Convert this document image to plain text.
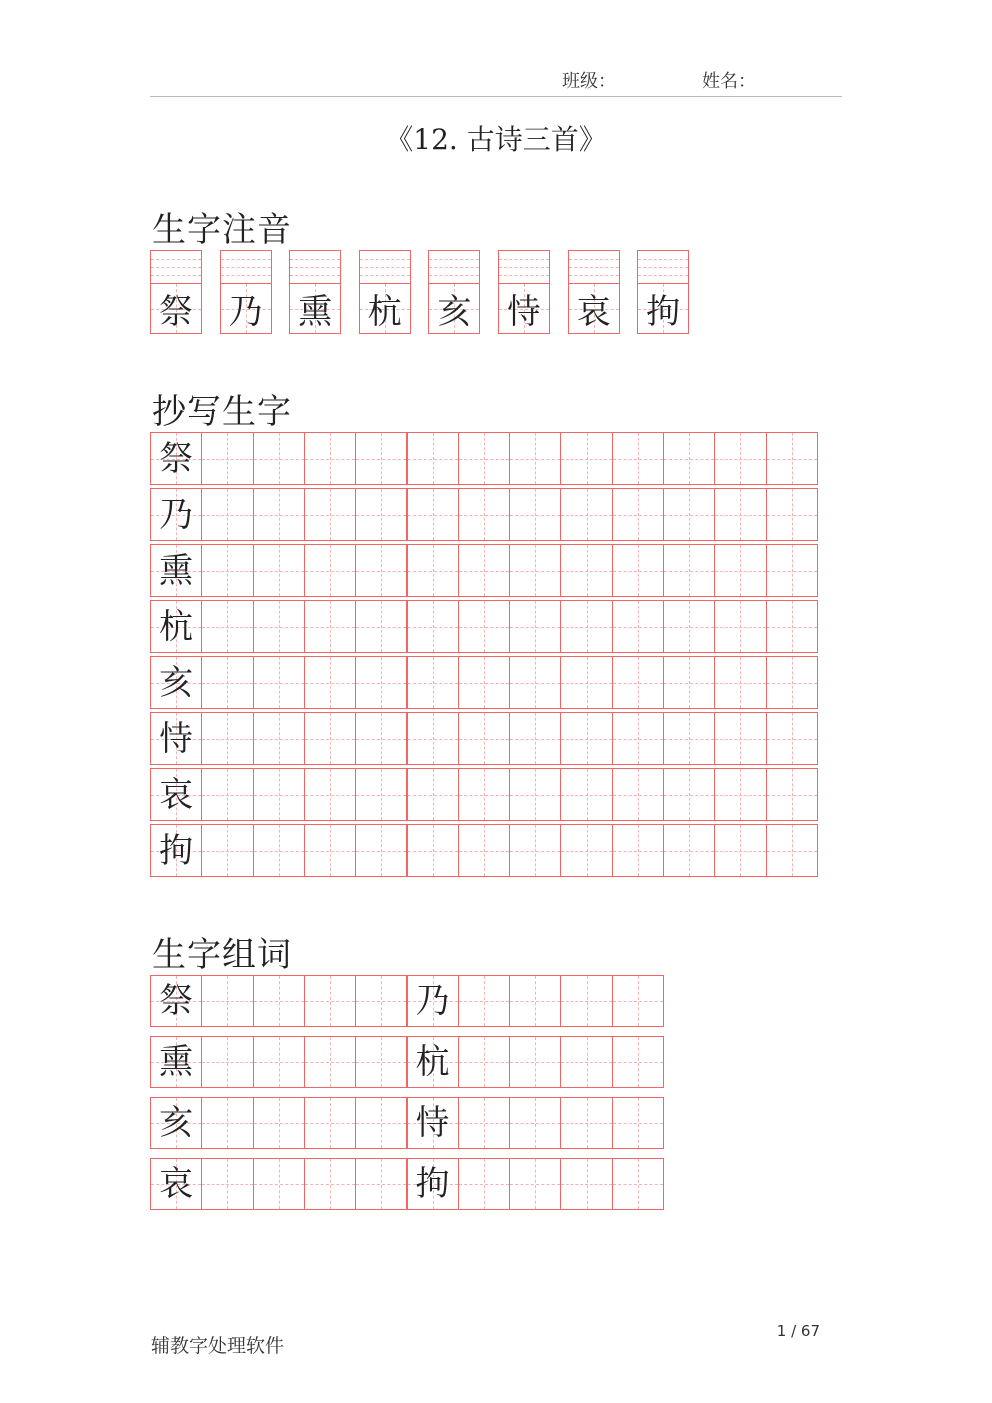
班级：	姓名：
《12. 古诗三首》
生字注音
祭 乃 熏 杭 亥 恃 哀 拘
抄写生字
祭
乃
熏
杭
亥
恃
哀
拘
生字组词
祭	乃
熏	杭
亥	恃
哀	拘
辅教字处理软件
1 / 67
